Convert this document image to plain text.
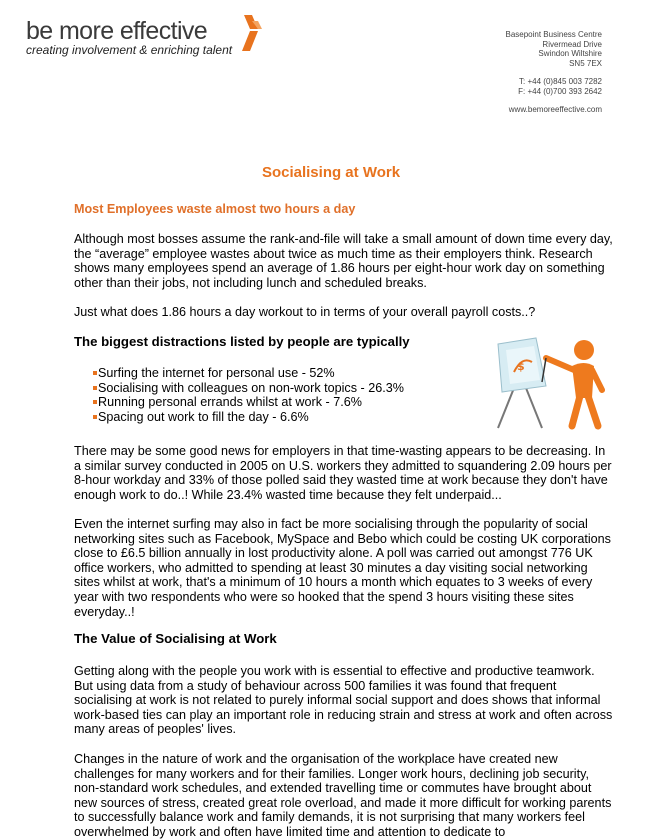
be more effective
creating involvement & enriching talent
Basepoint Business Centre
Rivermead Drive
Swindon Wiltshire
SN5 7EX
T: +44 (0)845 003 7282
F: +44 (0)700 393 2642
www.bemoreeffective.com
Socialising at Work
Most Employees waste almost two hours a day

Although most bosses assume the rank-and-file will take a small amount of down time every day, the “average” employee wastes about twice as much time as their employers think. Research shows many employees spend an average of 1.86 hours per eight-hour work day on something other than their jobs, not including lunch and scheduled breaks.

Just what does 1.86 hours a day workout to in terms of your overall payroll costs..?

The biggest distractions listed by people are typically
Surfing the internet for personal use - 52%
Socialising with colleagues on non-work topics - 26.3%
Running personal errands whilst at work - 7.6%
Spacing out work to fill the day - 6.6%

There may be some good news for employers in that time-wasting appears to be decreasing. In a similar survey conducted in 2005 on U.S. workers they admitted to squandering 2.09 hours per 8-hour workday and 33% of those polled said they wasted time at work because they don't have enough work to do..! While 23.4% wasted time because they felt underpaid...

Even the internet surfing may also in fact be more socialising through the popularity of social networking sites such as Facebook, MySpace and Bebo which could be costing UK corporations close to £6.5 billion annually in lost productivity alone. A poll was carried out amongst 776 UK office workers, who admitted to spending at least 30 minutes a day visiting social networking sites whilst at work, that's a minimum of 10 hours a month which equates to 3 weeks of every year with two respondents who were so hooked that the spend 3 hours visiting these sites everyday..!

The Value of Socialising at Work

Getting along with the people you work with is essential to effective and productive teamwork. But using data from a study of behaviour across 500 families it was found that frequent socialising at work is not related to purely informal social support and does shows that informal work-based ties can play an important role in reducing strain and stress at work and often across many areas of peoples' lives.

Changes in the nature of work and the organisation of the workplace have created new challenges for many workers and for their families. Longer work hours, declining job security, non-standard work schedules, and extended travelling time or commutes have brought about new sources of stress, created great role overload, and made it more difficult for working parents to successfully balance work and family demands, it is not surprising that many workers feel overwhelmed by work and often have limited time and attention to dedicate to

$
